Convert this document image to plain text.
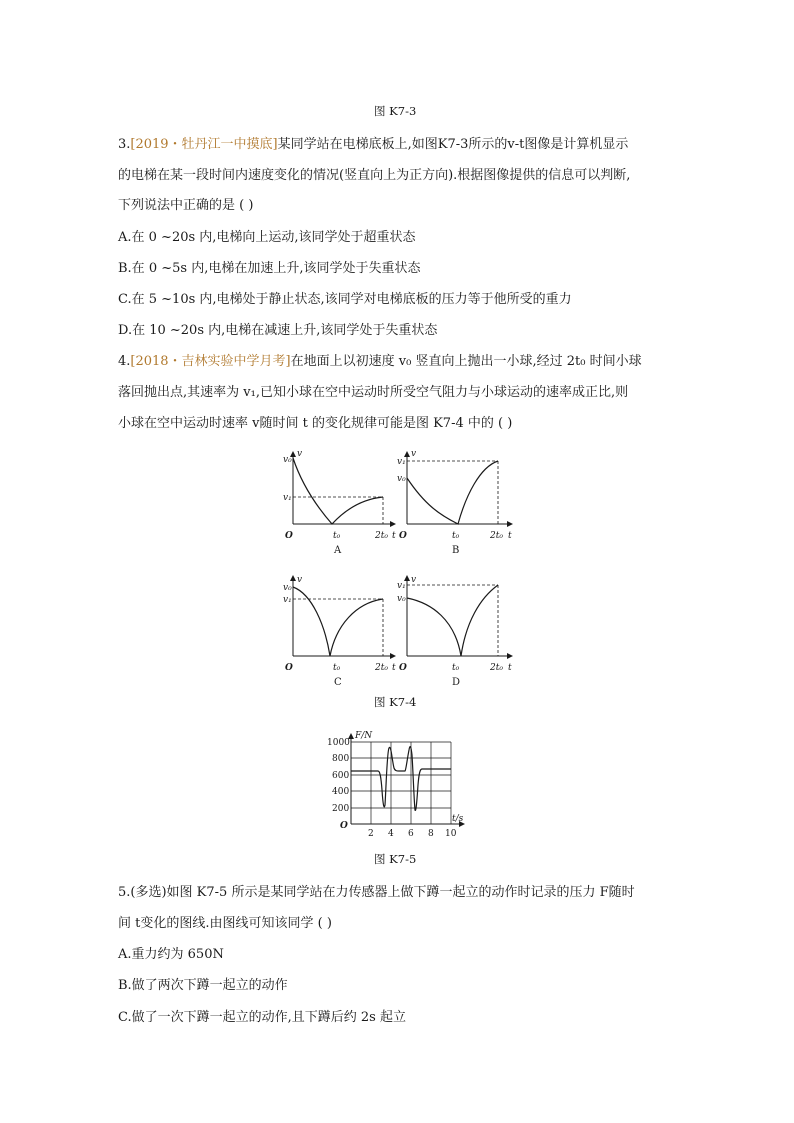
图 K7-3
3.[2019・牡丹江一中摸底]某同学站在电梯底板上,如图K7-3所示的v-t图像是计算机显示
的电梯在某一段时间内速度变化的情况(竖直向上为正方向).根据图像提供的信息可以判断,
下列说法中正确的是 ( )
A.在 0 ~20s 内,电梯向上运动,该同学处于超重状态
B.在 0 ~5s 内,电梯在加速上升,该同学处于失重状态
C.在 5 ~10s 内,电梯处于静止状态,该同学对电梯底板的压力等于他所受的重力
D.在 10 ~20s 内,电梯在减速上升,该同学处于失重状态
4.[2018・吉林实验中学月考]在地面上以初速度 v₀ 竖直向上抛出一小球,经过 2t₀ 时间小球
落回抛出点,其速率为 v₁,已知小球在空中运动时所受空气阻力与小球运动的速率成正比,则
小球在空中运动时速率 v随时间 t 的变化规律可能是图 K7-4 中的 ( )
v
v₀
v₁
O	t₀	2t₀ t
A
v
v₁
v₀
O	t₀	2t₀ t
B
v
v₀
v₁
O	t₀	2t₀ t
C
v
v₁
v₀
O	t₀	2t₀ t
D
F/N
1000
800
600
400
200
O
2 4 6 8 10
t/s
图 K7-4
图 K7-5
5.(多选)如图 K7-5 所示是某同学站在力传感器上做下蹲一起立的动作时记录的压力 F随时
间 t变化的图线.由图线可知该同学 ( )
A.重力约为 650N
B.做了两次下蹲一起立的动作
C.做了一次下蹲一起立的动作,且下蹲后约 2s 起立
